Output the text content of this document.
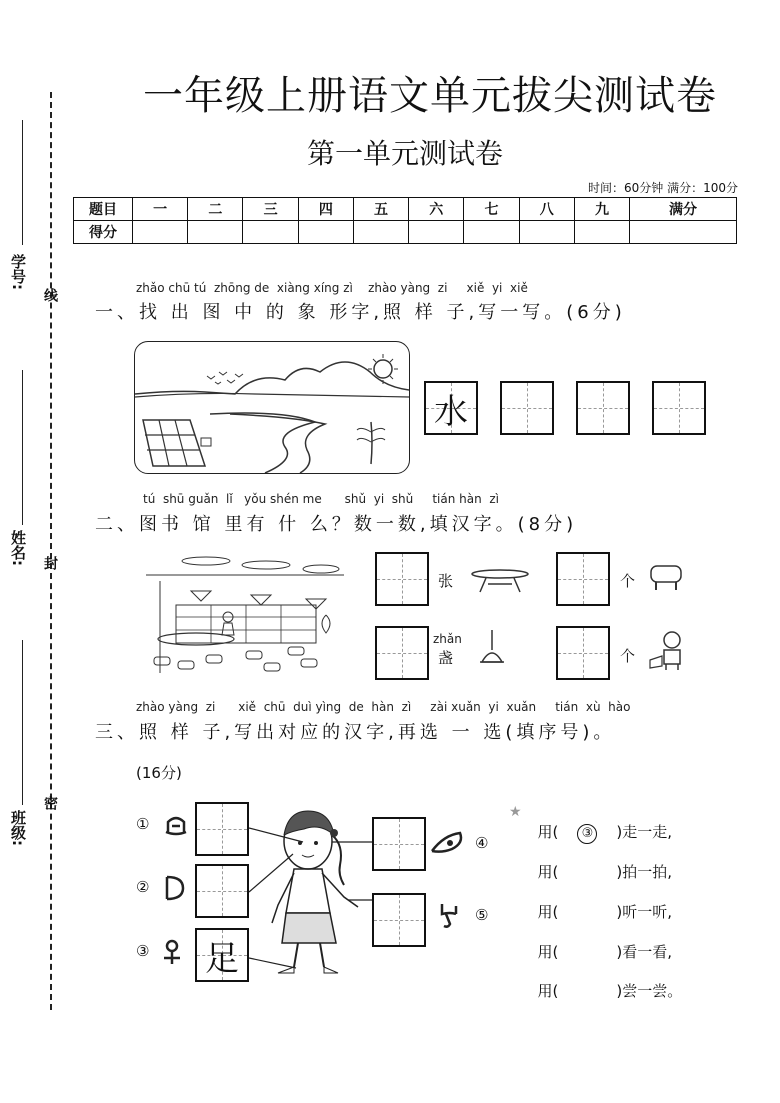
学号:
线
姓名: 封
班级:
密
一年级上册语文单元拔尖测试卷
第一单元测试卷
时间：60分钟 满分：100分
题目	一	二	三	四	五	六	七	八	九	满分
得分										
zhǎo chū tú  zhōng de  xiàng xíng zì    zhào yàng  zi     xiě  yi  xiě
一、找 出 图 中 的 象 形字,照 样 子,写一写。(6分)
水
tú  shū guǎn  lǐ   yǒu shén me      shǔ  yi  shǔ     tián hàn  zì
二、图书 馆 里有 什 么？数一数,填汉字。(8分)
张	个
zhǎn
盏	个
zhào yàng  zi      xiě  chū  duì yìng  de  hàn  zì     zài xuǎn  yi  xuǎn     tián  xù  hào
三、照 样 子,写出对应的汉字,再选 一 选(填序号)。
(16分)
①
②
③ 足
④
⑤
★

用( ③ )走一走,

用(	)拍一拍,

用(	)听一听,

用(	)看一看,

用(	)尝一尝。
